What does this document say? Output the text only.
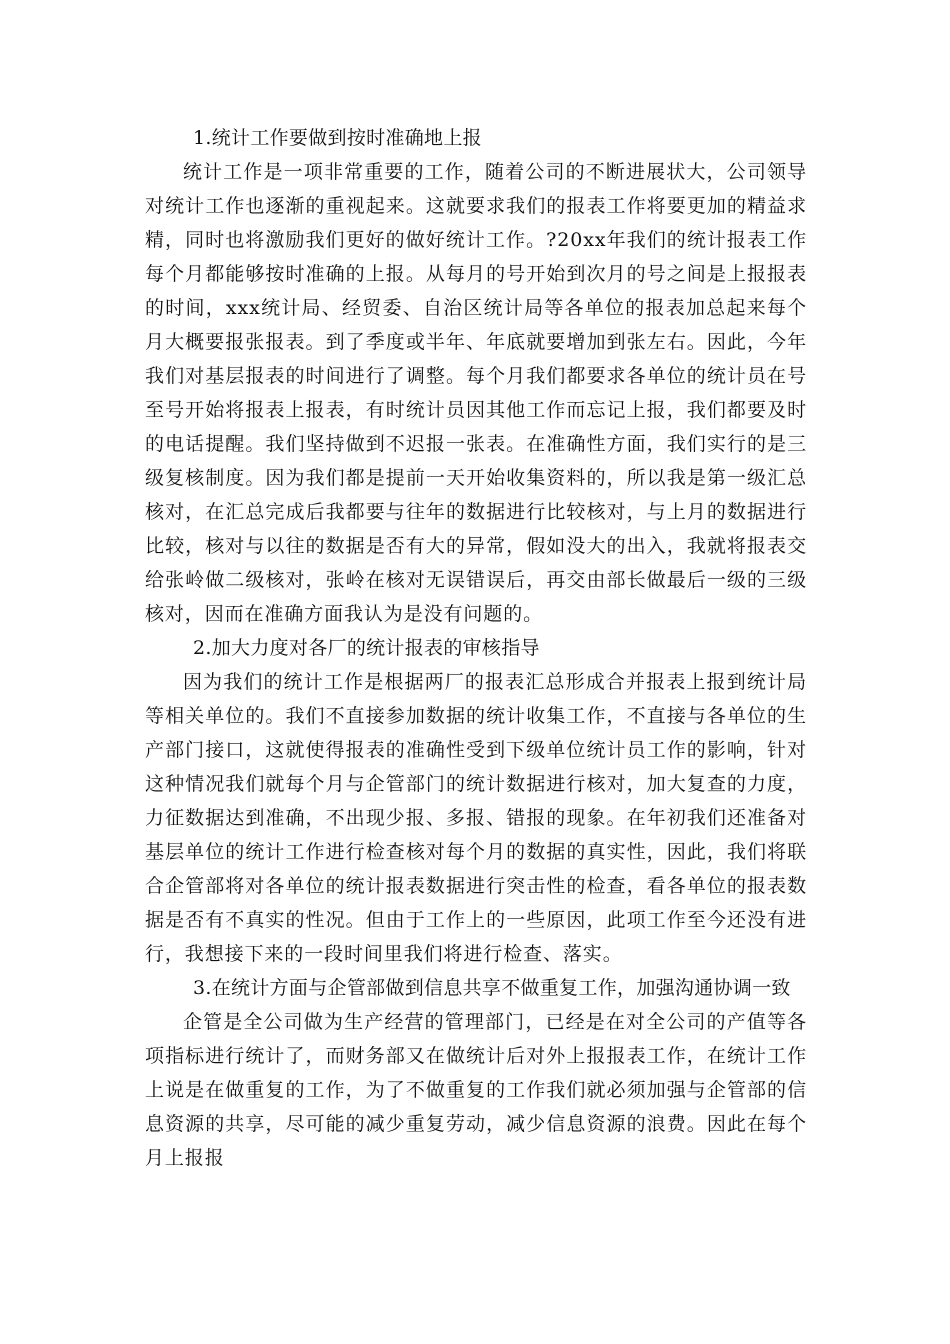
1.统计工作要做到按时准确地上报

统计工作是一项非常重要的工作，随着公司的不断进展状大，公司领导对统计工作也逐渐的重视起来。这就要求我们的报表工作将要更加的精益求精，同时也将激励我们更好的做好统计工作。?20xx年我们的统计报表工作每个月都能够按时准确的上报。从每月的号开始到次月的号之间是上报报表的时间，xxx统计局、经贸委、自治区统计局等各单位的报表加总起来每个月大概要报张报表。到了季度或半年、年底就要增加到张左右。因此，今年我们对基层报表的时间进行了调整。每个月我们都要求各单位的统计员在号至号开始将报表上报表，有时统计员因其他工作而忘记上报，我们都要及时的电话提醒。我们坚持做到不迟报一张表。在准确性方面，我们实行的是三级复核制度。因为我们都是提前一天开始收集资料的，所以我是第一级汇总核对，在汇总完成后我都要与往年的数据进行比较核对，与上月的数据进行比较，核对与以往的数据是否有大的异常，假如没大的出入，我就将报表交给张岭做二级核对，张岭在核对无误错误后，再交由部长做最后一级的三级核对，因而在准确方面我认为是没有问题的。

2.加大力度对各厂的统计报表的审核指导

因为我们的统计工作是根据两厂的报表汇总形成合并报表上报到统计局等相关单位的。我们不直接参加数据的统计收集工作，不直接与各单位的生产部门接口，这就使得报表的准确性受到下级单位统计员工作的影响，针对这种情况我们就每个月与企管部门的统计数据进行核对，加大复查的力度，力征数据达到准确，不出现少报、多报、错报的现象。在年初我们还准备对基层单位的统计工作进行检查核对每个月的数据的真实性，因此，我们将联合企管部将对各单位的统计报表数据进行突击性的检查，看各单位的报表数据是否有不真实的性况。但由于工作上的一些原因，此项工作至今还没有进行，我想接下来的一段时间里我们将进行检查、落实。

3.在统计方面与企管部做到信息共享不做重复工作，加强沟通协调一致

企管是全公司做为生产经营的管理部门，已经是在对全公司的产值等各项指标进行统计了，而财务部又在做统计后对外上报报表工作，在统计工作上说是在做重复的工作，为了不做重复的工作我们就必须加强与企管部的信息资源的共享，尽可能的减少重复劳动，减少信息资源的浪费。因此在每个月上报报
